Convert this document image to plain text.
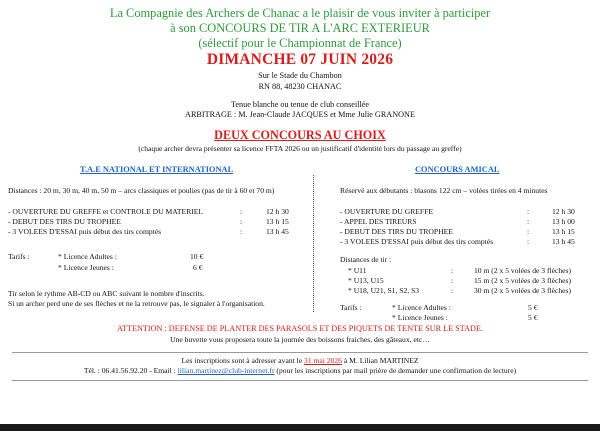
La Compagnie des Archers de Chanac a le plaisir de vous inviter à participer
à son CONCOURS DE TIR A L'ARC EXTERIEUR
(sélectif pour le Championnat de France)
DIMANCHE 07 JUIN 2026
Sur le Stade du Chambon
RN 88, 48230 CHANAC
Tenue blanche ou tenue de club conseillée
ARBITRAGE : M. Jean-Claude JACQUES et Mme Julie GRANONE
DEUX CONCOURS AU CHOIX
(chaque archer devra présenter sa licence FFTA 2026 ou un justificatif d'identité lors du passage au greffe)
T.A.E NATIONAL ET INTERNATIONAL
Distances : 20 m, 30 m, 40 m, 50 m – arcs classiques et poulies (pas de tir à 60 et 70 m)
- OUVERTURE DU GREFFE et CONTROLE DU MATERIEL	:	12 h 30
- DEBUT DES TIRS DU TROPHEE	:	13 h 15
- 3 VOLEES D'ESSAI puis début des tirs comptés	:	13 h 45
Tarifs :	* Licence Adultes :	10 €
* Licence Jeunes :	6 €
Tir selon le rythme AB-CD ou ABC suivant le nombre d'inscrits.
Si un archer perd une de ses flèches et ne la retrouve pas, le signaler à l'organisation.
CONCOURS AMICAL
Réservé aux débutants : blasons 122 cm – volées tirées en 4 minutes
- OUVERTURE DU GREFFE	:	12 h 30
- APPEL DES TIREURS	:	13 h 00
- DEBUT DES TIRS DU TROPHEE	:	13 h 15
- 3 VOLEES D'ESSAI puis début des tirs comptés	:	13 h 45
Distances de tir :
* U11	:	10 m (2 x 5 volées de 3 flèches)
* U13, U15	:	15 m (2 x 5 volées de 3 flèches)
* U18, U21, S1, S2, S3	:	30 m (2 x 5 volées de 3 flèches)
Tarifs :	* Licence Adultes :	5 €
* Licence Jeunes :	5 €
ATTENTION : DEFENSE DE PLANTER DES PARASOLS ET DES PIQUETS DE TENTE SUR LE STADE.
Une buvette vous proposera toute la journée des boissons fraiches, des gâteaux, etc…
Les inscriptions sont à adresser avant le 31 mai 2026 à M. Lilian MARTINEZ
Tél. : 06.41.56.92.20 - Email : lilian.martinez@club-internet.fr (pour les inscriptions par mail prière de demander une confirmation de lecture)
